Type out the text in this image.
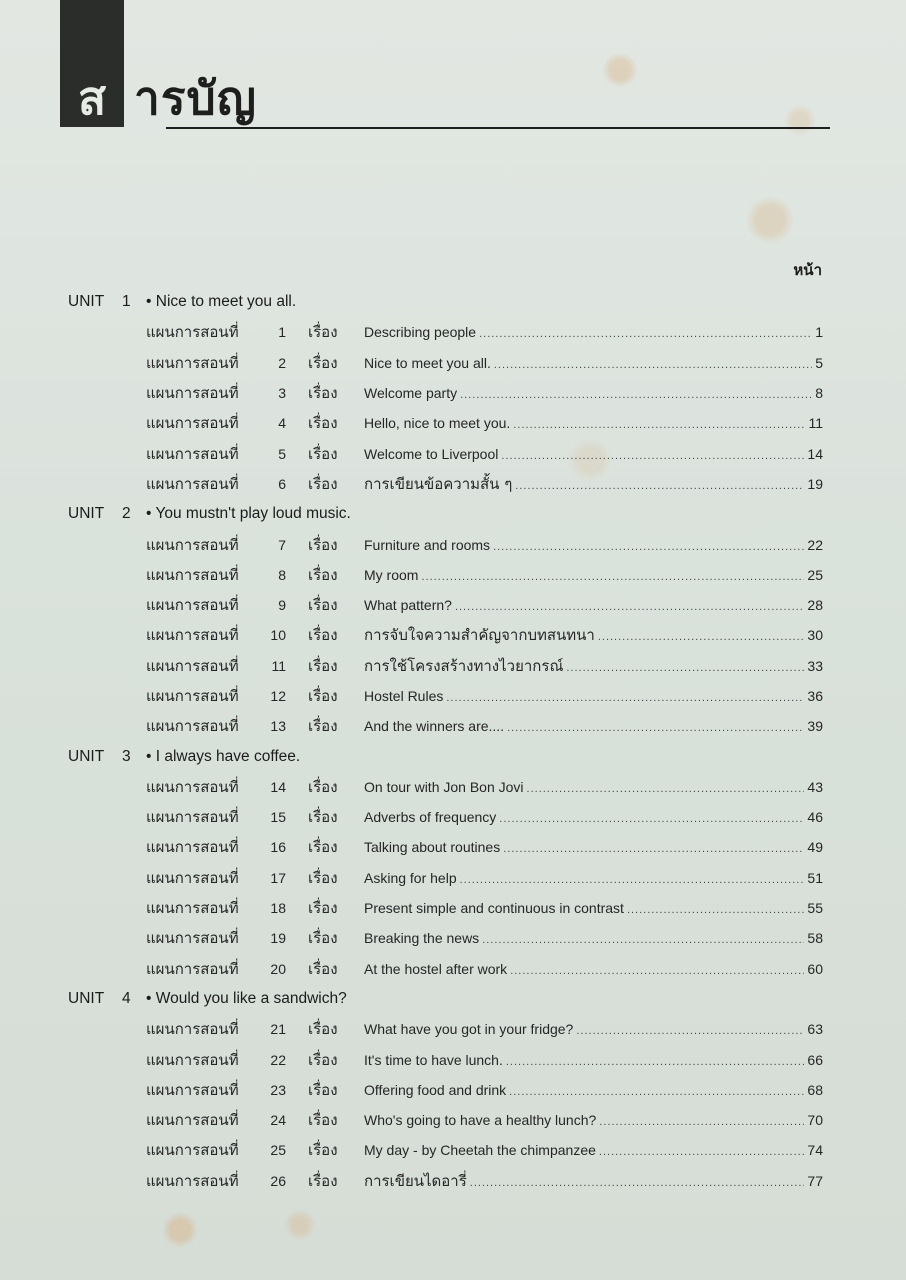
ส ารบัญ
หน้า
UNIT 1 • Nice to meet you all.
แผนการสอนที่	1 เรื่อง Describing people .....	1
แผนการสอนที่	2 เรื่อง Nice to meet you all. .....	5
แผนการสอนที่	3 เรื่อง Welcome party .....	8
แผนการสอนที่	4 เรื่อง Hello, nice to meet you. .....	11
แผนการสอนที่	5 เรื่อง Welcome to Liverpool .....	14
แผนการสอนที่	6 เรื่อง การเขียนข้อความสั้น ๆ .....	19
UNIT 2 • You mustn't play loud music.
แผนการสอนที่	7 เรื่อง Furniture and rooms .....	22
แผนการสอนที่	8 เรื่อง My room .....	25
แผนการสอนที่	9 เรื่อง What pattern? .....	28
แผนการสอนที่	10 เรื่อง การจับใจความสำคัญจากบทสนทนา .....	30
แผนการสอนที่	11 เรื่อง การใช้โครงสร้างทางไวยากรณ์ .....	33
แผนการสอนที่	12 เรื่อง Hostel Rules .....	36
แผนการสอนที่	13 เรื่อง And the winners are.... .....	39
UNIT 3 • I always have coffee.
แผนการสอนที่	14 เรื่อง On tour with Jon Bon Jovi .....	43
แผนการสอนที่	15 เรื่อง Adverbs of frequency .....	46
แผนการสอนที่	16 เรื่อง Talking about routines .....	49
แผนการสอนที่	17 เรื่อง Asking for help .....	51
แผนการสอนที่	18 เรื่อง Present simple and continuous in contrast .....	55
แผนการสอนที่	19 เรื่อง Breaking the news .....	58
แผนการสอนที่	20 เรื่อง At the hostel after work .....	60
UNIT 4 • Would you like a sandwich?
แผนการสอนที่	21 เรื่อง What have you got in your fridge? .....	63
แผนการสอนที่	22 เรื่อง It's time to have lunch. .....	66
แผนการสอนที่	23 เรื่อง Offering food and drink .....	68
แผนการสอนที่	24 เรื่อง Who's going to have a healthy lunch? .....	70
แผนการสอนที่	25 เรื่อง My day - by Cheetah the chimpanzee .....	74
แผนการสอนที่	26 เรื่อง การเขียนไดอารี่ .....	77
